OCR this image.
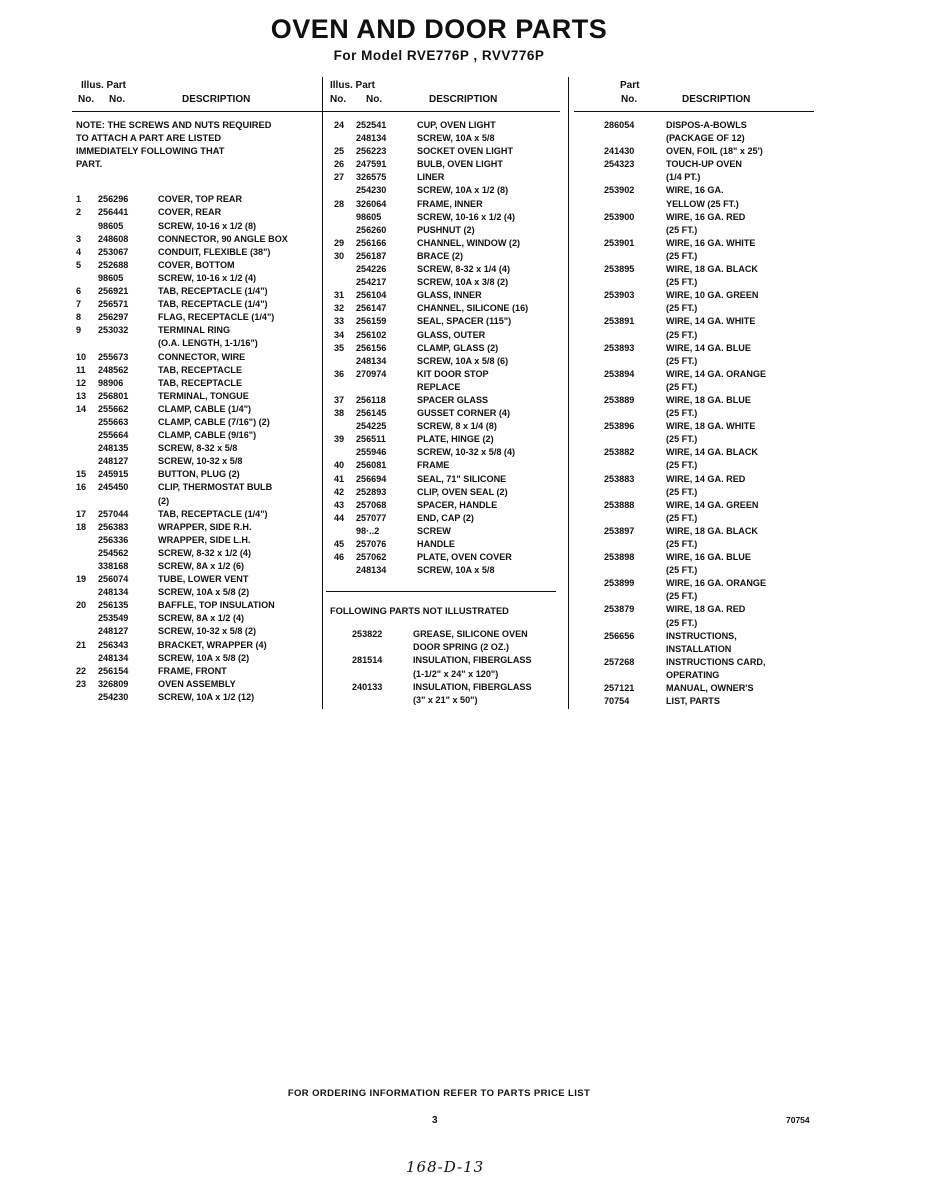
OVEN AND DOOR PARTS
For Model RVE776P , RVV776P
Illus. Part
No. No.	DESCRIPTION
NOTE: THE SCREWS AND NUTS REQUIRED
TO ATTACH A PART ARE LISTED
IMMEDIATELY FOLLOWING THAT
PART.
1 256296	COVER, TOP REAR
2 256441	COVER, REAR
98605	SCREW, 10-16 x 1/2 (8)
3 248608	CONNECTOR, 90 ANGLE BOX
4 253067	CONDUIT, FLEXIBLE (38")
5 252688	COVER, BOTTOM
98605	SCREW, 10-16 x 1/2 (4)
6 256921	TAB, RECEPTACLE (1/4")
7 256571	TAB, RECEPTACLE (1/4")
8 256297	FLAG, RECEPTACLE (1/4")
9 253032	TERMINAL RING
(O.A. LENGTH, 1-1/16")
10 255673	CONNECTOR, WIRE
11 248562	TAB, RECEPTACLE
12 98906	TAB, RECEPTACLE
13 256801	TERMINAL, TONGUE
14 255662	CLAMP, CABLE (1/4")
255663	CLAMP, CABLE (7/16") (2)
255664	CLAMP, CABLE (9/16")
248135	SCREW, 8-32 x 5/8
248127	SCREW, 10-32 x 5/8
15 245915	BUTTON, PLUG (2)
16 245450	CLIP, THERMOSTAT BULB
(2)
17 257044	TAB, RECEPTACLE (1/4")
18 256383	WRAPPER, SIDE R.H.
256336	WRAPPER, SIDE L.H.
254562	SCREW, 8-32 x 1/2 (4)
338168	SCREW, 8A x 1/2 (6)
19 256074	TUBE, LOWER VENT
248134	SCREW, 10A x 5/8 (2)
20 256135	BAFFLE, TOP INSULATION
253549	SCREW, 8A x 1/2 (4)
248127	SCREW, 10-32 x 5/8 (2)
21 256343	BRACKET, WRAPPER (4)
248134	SCREW, 10A x 5/8 (2)
22 256154	FRAME, FRONT
23 326809	OVEN ASSEMBLY
254230	SCREW, 10A x 1/2 (12)
Illus. Part
No. No.	DESCRIPTION
24 252541	CUP, OVEN LIGHT
248134	SCREW, 10A x 5/8
25 256223	SOCKET OVEN LIGHT
26 247591	BULB, OVEN LIGHT
27 326575	LINER
254230	SCREW, 10A x 1/2 (8)
28 326064	FRAME, INNER
98605	SCREW, 10-16 x 1/2 (4)
256260	PUSHNUT (2)
29 256166	CHANNEL, WINDOW (2)
30 256187	BRACE (2)
254226	SCREW, 8-32 x 1/4 (4)
254217	SCREW, 10A x 3/8 (2)
31 256104	GLASS, INNER
32 256147	CHANNEL, SILICONE (16)
33 256159	SEAL, SPACER (115")
34 256102	GLASS, OUTER
35 256156	CLAMP, GLASS (2)
248134	SCREW, 10A x 5/8 (6)
36 270974	KIT DOOR STOP
REPLACE
37 256118	SPACER GLASS
38 256145	GUSSET CORNER (4)
254225	SCREW, 8 x 1/4 (8)
39 256511	PLATE, HINGE (2)
255946	SCREW, 10-32 x 5/8 (4)
40 256081	FRAME
41 256694	SEAL, 71" SILICONE
42 252893	CLIP, OVEN SEAL (2)
43 257068	SPACER, HANDLE
44 257077	END, CAP (2)
98·..2	SCREW
45 257076	HANDLE
46 257062	PLATE, OVEN COVER
248134	SCREW, 10A x 5/8
FOLLOWING PARTS NOT ILLUSTRATED
253822	GREASE, SILICONE OVEN
DOOR SPRING (2 OZ.)
281514	INSULATION, FIBERGLASS
(1-1/2" x 24" x 120")
240133	INSULATION, FIBERGLASS
(3" x 21" x 50")
Part
No.	DESCRIPTION
286054	DISPOS-A-BOWLS
(PACKAGE OF 12)
241430	OVEN, FOIL (18" x 25')
254323	TOUCH-UP OVEN
(1/4 PT.)
253902	WIRE, 16 GA.
YELLOW (25 FT.)
253900	WIRE, 16 GA. RED
(25 FT.)
253901	WIRE, 16 GA. WHITE
(25 FT.)
253895	WIRE, 18 GA. BLACK
(25 FT.)
253903	WIRE, 10 GA. GREEN
(25 FT.)
253891	WIRE, 14 GA. WHITE
(25 FT.)
253893	WIRE, 14 GA. BLUE
(25 FT.)
253894	WIRE, 14 GA. ORANGE
(25 FT.)
253889	WIRE, 18 GA. BLUE
(25 FT.)
253896	WIRE, 18 GA. WHITE
(25 FT.)
253882	WIRE, 14 GA. BLACK
(25 FT.)
253883	WIRE, 14 GA. RED
(25 FT.)
253888	WIRE, 14 GA. GREEN
(25 FT.)
253897	WIRE, 18 GA. BLACK
(25 FT.)
253898	WIRE, 16 GA. BLUE
(25 FT.)
253899	WIRE, 16 GA. ORANGE
(25 FT.)
253879	WIRE, 18 GA. RED
(25 FT.)
256656	INSTRUCTIONS,
INSTALLATION
257268	INSTRUCTIONS CARD,
OPERATING
257121	MANUAL, OWNER'S
70754	LIST, PARTS
FOR ORDERING INFORMATION REFER TO PARTS PRICE LIST
3	70754
168-D-13
